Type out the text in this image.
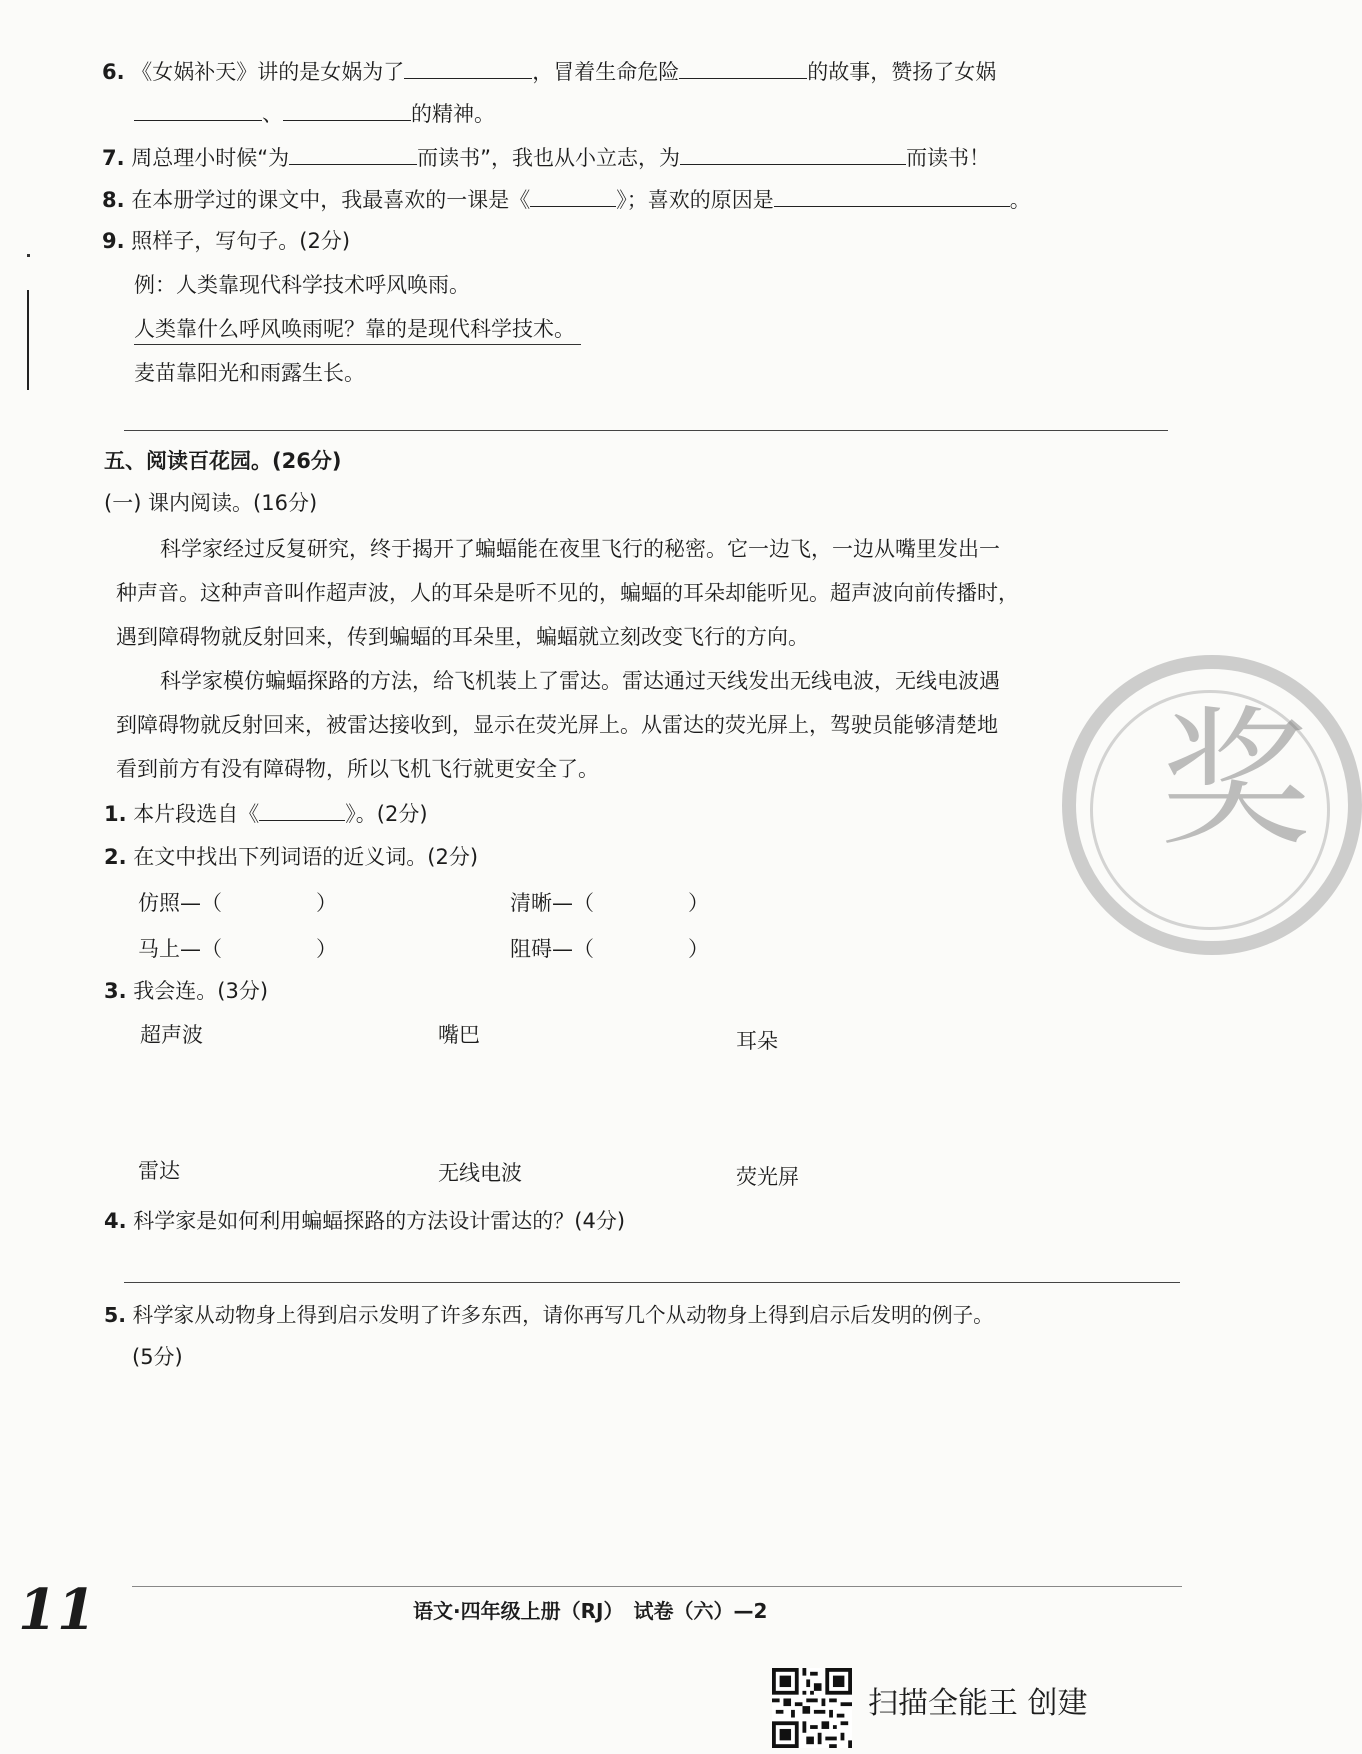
6. 《女娲补天》讲的是女娲为了	，冒着生命危险	的故事，赞扬了女娲
、	的精神。
7. 周总理小时候“为	而读书”，我也从小立志，为	而读书！
8. 在本册学过的课文中，我最喜欢的一课是《	》；喜欢的原因是	。
9. 照样子，写句子。(2分)
例：人类靠现代科学技术呼风唤雨。
人类靠什么呼风唤雨呢？靠的是现代科学技术。
麦苗靠阳光和雨露生长。
五、阅读百花园。(26分)
(一) 课内阅读。(16分)
科学家经过反复研究，终于揭开了蝙蝠能在夜里飞行的秘密。它一边飞，一边从嘴里发出一
种声音。这种声音叫作超声波，人的耳朵是听不见的，蝙蝠的耳朵却能听见。超声波向前传播时，
遇到障碍物就反射回来，传到蝙蝠的耳朵里，蝙蝠就立刻改变飞行的方向。
科学家模仿蝙蝠探路的方法，给飞机装上了雷达。雷达通过天线发出无线电波，无线电波遇
到障碍物就反射回来，被雷达接收到，显示在荧光屏上。从雷达的荧光屏上，驾驶员能够清楚地
看到前方有没有障碍物，所以飞机飞行就更安全了。	奖
1. 本片段选自《	》。(2分)
2. 在文中找出下列词语的近义词。(2分)
仿照—（	）	清晰—（	）
马上—（	）	阻碍—（	）
3. 我会连。(3分)
超声波	嘴巴	耳朵
雷达	无线电波	荧光屏
4. 科学家是如何利用蝙蝠探路的方法设计雷达的？(4分)
5. 科学家从动物身上得到启示发明了许多东西，请你再写几个从动物身上得到启示后发明的例子。
(5分)
11	语文·四年级上册（RJ）　试卷（六）—2
扫描全能王 创建
